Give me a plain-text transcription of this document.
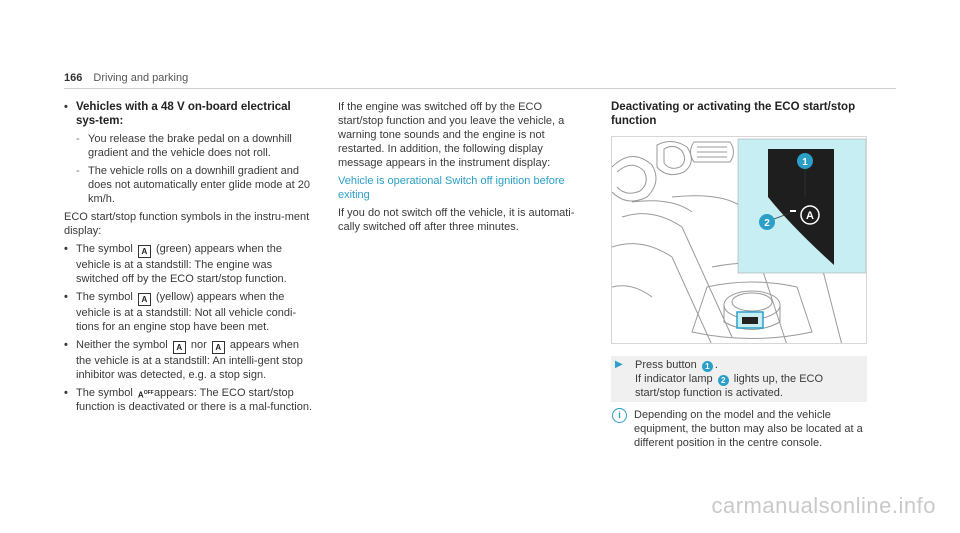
166 Driving and parking
• Vehicles with a 48 V on-board electrical sys-tem:
- You release the brake pedal on a downhill gradient and the vehicle does not roll.
- The vehicle rolls on a downhill gradient and does not automatically enter glide mode at 20 km/h.
ECO start/stop function symbols in the instru-ment display:
• The symbol A (green) appears when the vehicle is at a standstill: The engine was switched off by the ECO start/stop function.
• The symbol A (yellow) appears when the vehicle is at a standstill: Not all vehicle condi-tions for an engine stop have been met.
• Neither the symbol A nor A appears when the vehicle is at a standstill: An intelli-gent stop inhibitor was detected, e.g. a stop sign.
• The symbol $A^{OFF}$ appears: The ECO start/stop function is deactivated or there is a mal-function.
If the engine was switched off by the ECO start/stop function and you leave the vehicle, a warning tone sounds and the engine is not restarted. In addition, the following display message appears in the instrument display:
Vehicle is operational Switch off ignition before exiting
If you do not switch off the vehicle, it is automati-cally switched off after three minutes.
Deactivating or activating the ECO start/stop function
A
1
2
▶	Press button 1 .
If indicator lamp 2 lights up, the ECO start/stop function is activated.
i	Depending on the model and the vehicle equipment, the button may also be located at a different position in the centre console.
carmanualsonline.info
